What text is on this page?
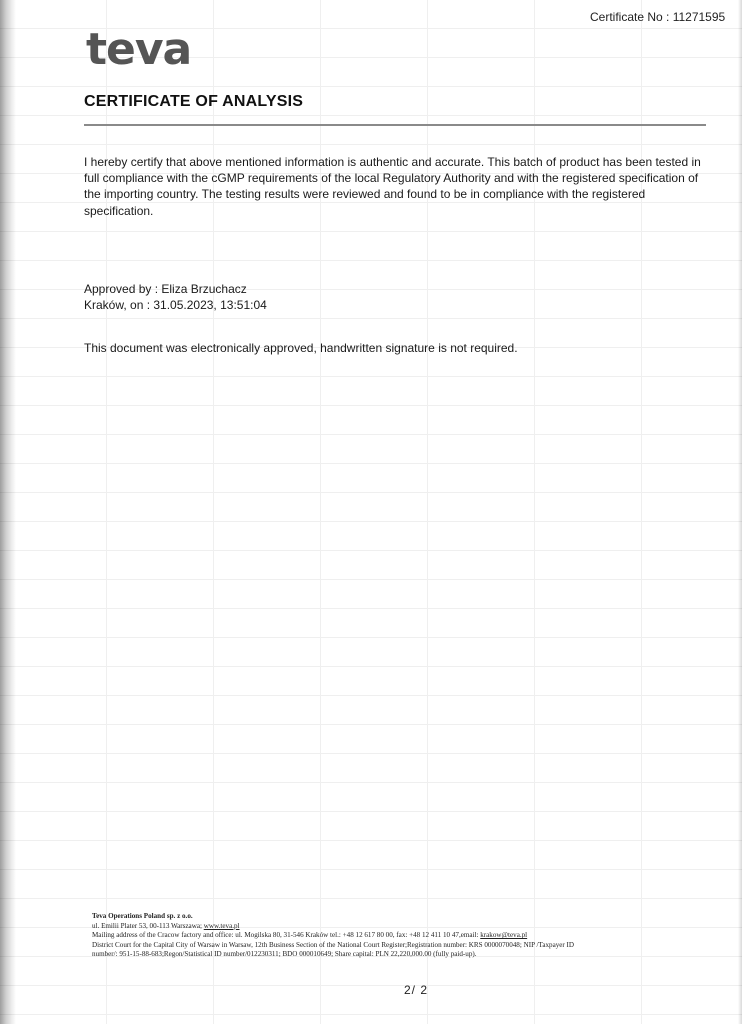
Certificate No : 11271595
teva
CERTIFICATE OF ANALYSIS

I hereby certify that above mentioned information is authentic and accurate. This batch of product has been tested in full compliance with the cGMP requirements of the local Regulatory Authority and with the registered specification of the importing country. The testing results were reviewed and found to be in compliance with the registered specification.

Approved by : Eliza Brzuchacz
Kraków, on : 31.05.2023, 13:51:04
This document was electronically approved, handwritten signature is not required.
Teva Operations Poland sp. z o.o.
ul. Emilii Plater 53, 00-113 Warszawa; www.teva.pl
Mailing address of the Cracow factory and office: ul. Mogilska 80, 31-546 Kraków tel.: +48 12 617 80 00, fax: +48 12 411 10 47,email: krakow@teva.pl
District Court for the Capital City of Warsaw in Warsaw, 12th Business Section of the National Court Register;Registration number: KRS 0000070048; NIP /Taxpayer ID
number/: 951-15-88-683;Regon/Statistical ID number/012230311; BDO 000010649; Share capital: PLN 22,220,000.00 (fully paid-up).
2/ 2
